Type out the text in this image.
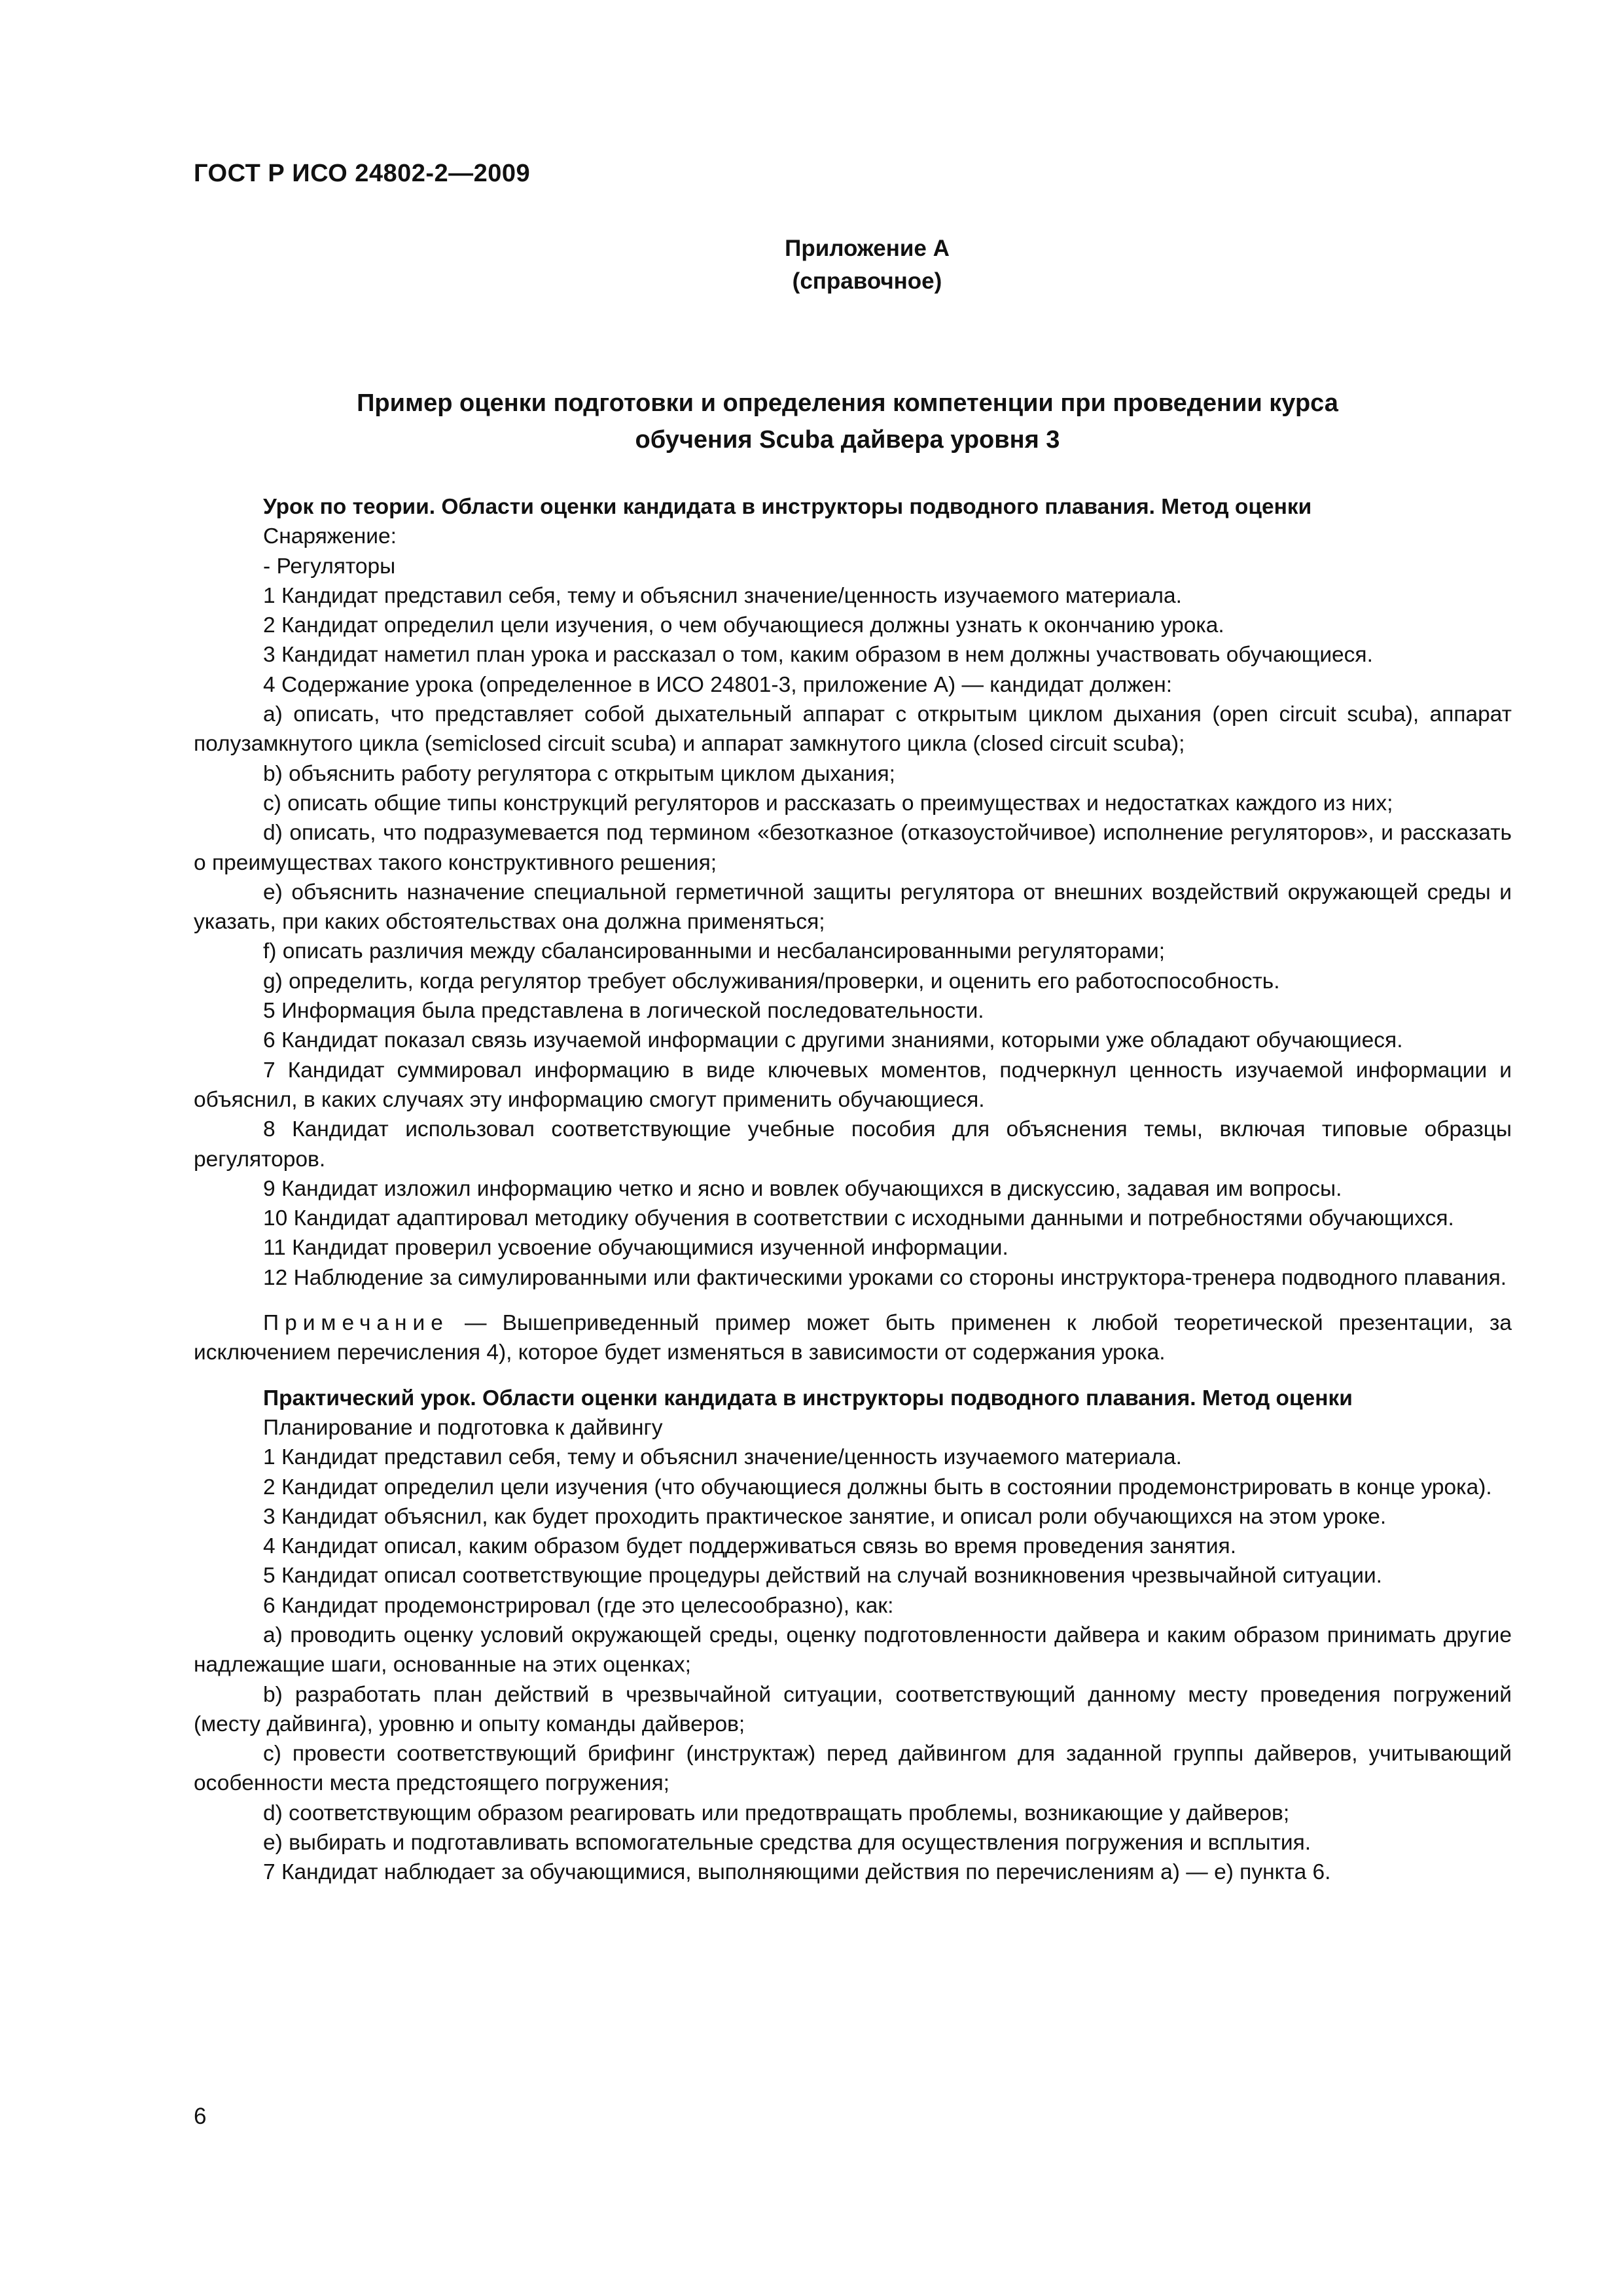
ГОСТ Р ИСО 24802-2—2009
Приложение А
(справочное)
Пример оценки подготовки и определения компетенции при проведении курса
обучения Scuba дайвера уровня 3

Урок по теории. Области оценки кандидата в инструкторы подводного плавания. Метод оценки

Снаряжение:

- Регуляторы

1 Кандидат представил себя, тему и объяснил значение/ценность изучаемого материала.

2 Кандидат определил цели изучения, о чем обучающиеся должны узнать к окончанию урока.

3 Кандидат наметил план урока и рассказал о том, каким образом в нем должны участвовать обучающиеся.

4 Содержание урока (определенное в ИСО 24801-3, приложение А) — кандидат должен:

a) описать, что представляет собой дыхательный аппарат с открытым циклом дыхания (open circuit scuba), аппарат полузамкнутого цикла (semiclosed circuit scuba) и аппарат замкнутого цикла (closed circuit scuba);

b) объяснить работу регулятора с открытым циклом дыхания;

c) описать общие типы конструкций регуляторов и рассказать о преимуществах и недостатках каждого из них;

d) описать, что подразумевается под термином «безотказное (отказоустойчивое) исполнение регуляторов», и рассказать о преимуществах такого конструктивного решения;

e) объяснить назначение специальной герметичной защиты регулятора от внешних воздействий окружающей среды и указать, при каких обстоятельствах она должна применяться;

f) описать различия между сбалансированными и несбалансированными регуляторами;

g) определить, когда регулятор требует обслуживания/проверки, и оценить его работоспособность.

5 Информация была представлена в логической последовательности.

6 Кандидат показал связь изучаемой информации с другими знаниями, которыми уже обладают обучающиеся.

7 Кандидат суммировал информацию в виде ключевых моментов, подчеркнул ценность изучаемой информации и объяснил, в каких случаях эту информацию смогут применить обучающиеся.

8 Кандидат использовал соответствующие учебные пособия для объяснения темы, включая типовые образцы регуляторов.

9 Кандидат изложил информацию четко и ясно и вовлек обучающихся в дискуссию, задавая им вопросы.

10 Кандидат адаптировал методику обучения в соответствии с исходными данными и потребностями обучающихся.

11 Кандидат проверил усвоение обучающимися изученной информации.

12 Наблюдение за симулированными или фактическими уроками со стороны инструктора-тренера подводного плавания.

Примечание — Вышеприведенный пример может быть применен к любой теоретической презентации, за исключением перечисления 4), которое будет изменяться в зависимости от содержания урока.

Практический урок. Области оценки кандидата в инструкторы подводного плавания. Метод оценки

Планирование и подготовка к дайвингу

1 Кандидат представил себя, тему и объяснил значение/ценность изучаемого материала.

2 Кандидат определил цели изучения (что обучающиеся должны быть в состоянии продемонстрировать в конце урока).

3 Кандидат объяснил, как будет проходить практическое занятие, и описал роли обучающихся на этом уроке.

4 Кандидат описал, каким образом будет поддерживаться связь во время проведения занятия.

5 Кандидат описал соответствующие процедуры действий на случай возникновения чрезвычайной ситуации.

6 Кандидат продемонстрировал (где это целесообразно), как:

a) проводить оценку условий окружающей среды, оценку подготовленности дайвера и каким образом принимать другие надлежащие шаги, основанные на этих оценках;

b) разработать план действий в чрезвычайной ситуации, соответствующий данному месту проведения погружений (месту дайвинга), уровню и опыту команды дайверов;

c) провести соответствующий брифинг (инструктаж) перед дайвингом для заданной группы дайверов, учитывающий особенности места предстоящего погружения;

d) соответствующим образом реагировать или предотвращать проблемы, возникающие у дайверов;

e) выбирать и подготавливать вспомогательные средства для осуществления погружения и всплытия.

7 Кандидат наблюдает за обучающимися, выполняющими действия по перечислениям a) — e) пункта 6.

6
